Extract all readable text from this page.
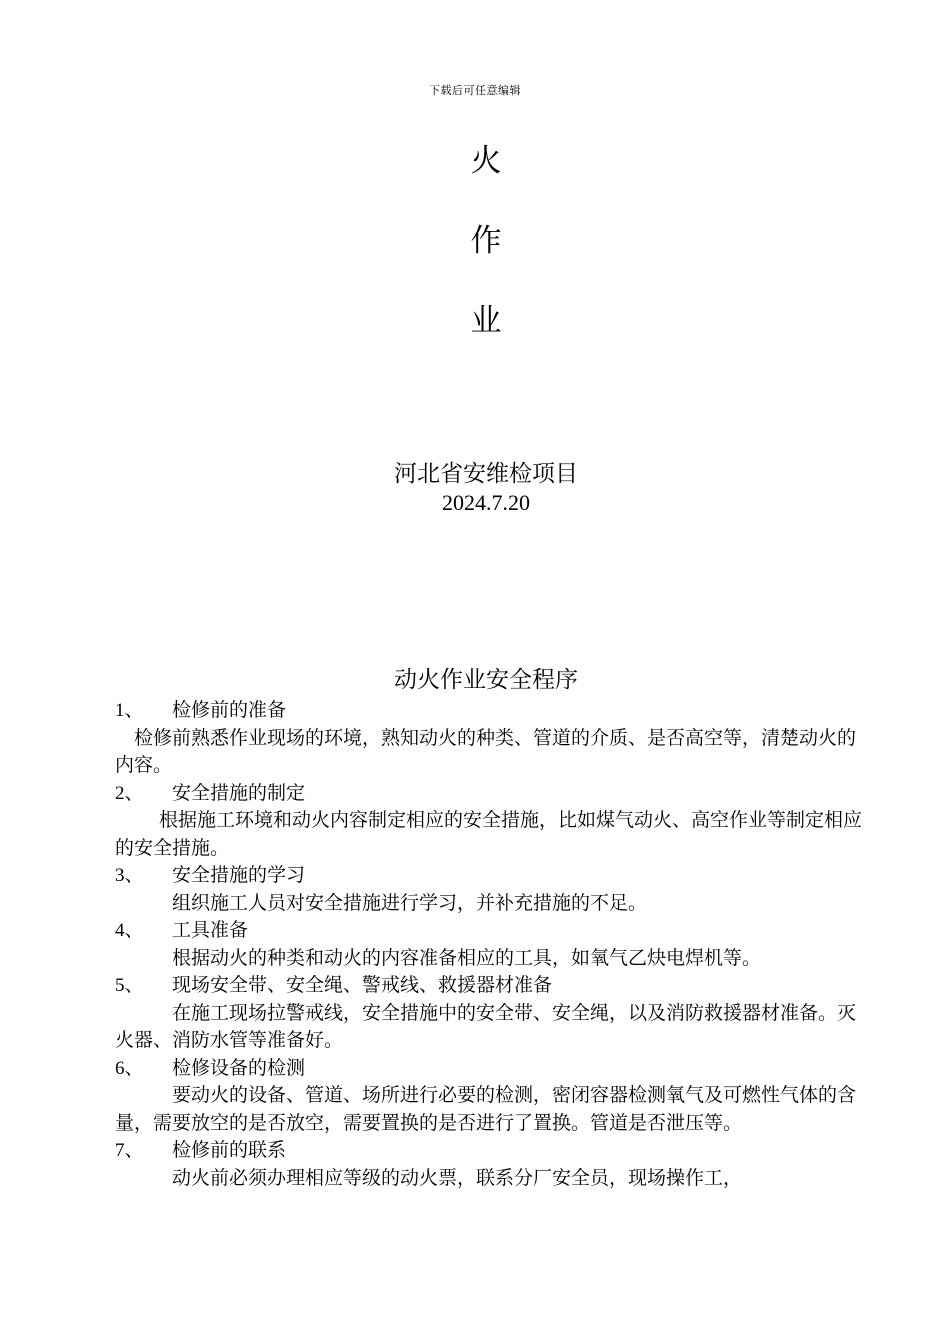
下载后可任意编辑
火
作
业
河北省安维检项目
2024.7.20
动火作业安全程序
1、	检修前的准备
检修前熟悉作业现场的环境，熟知动火的种类、管道的介质、是否高空等，清楚动火的内容。
2、	安全措施的制定
根据施工环境和动火内容制定相应的安全措施，比如煤气动火、高空作业等制定相应的安全措施。
3、	安全措施的学习
组织施工人员对安全措施进行学习，并补充措施的不足。
4、	工具准备
根据动火的种类和动火的内容准备相应的工具，如氧气乙炔电焊机等。
5、	现场安全带、安全绳、警戒线、救援器材准备
在施工现场拉警戒线，安全措施中的安全带、安全绳，以及消防救援器材准备。灭火器、消防水管等准备好。
6、	检修设备的检测
要动火的设备、管道、场所进行必要的检测，密闭容器检测氧气及可燃性气体的含量，需要放空的是否放空，需要置换的是否进行了置换。管道是否泄压等。
7、	检修前的联系
动火前必须办理相应等级的动火票，联系分厂安全员，现场操作工，
